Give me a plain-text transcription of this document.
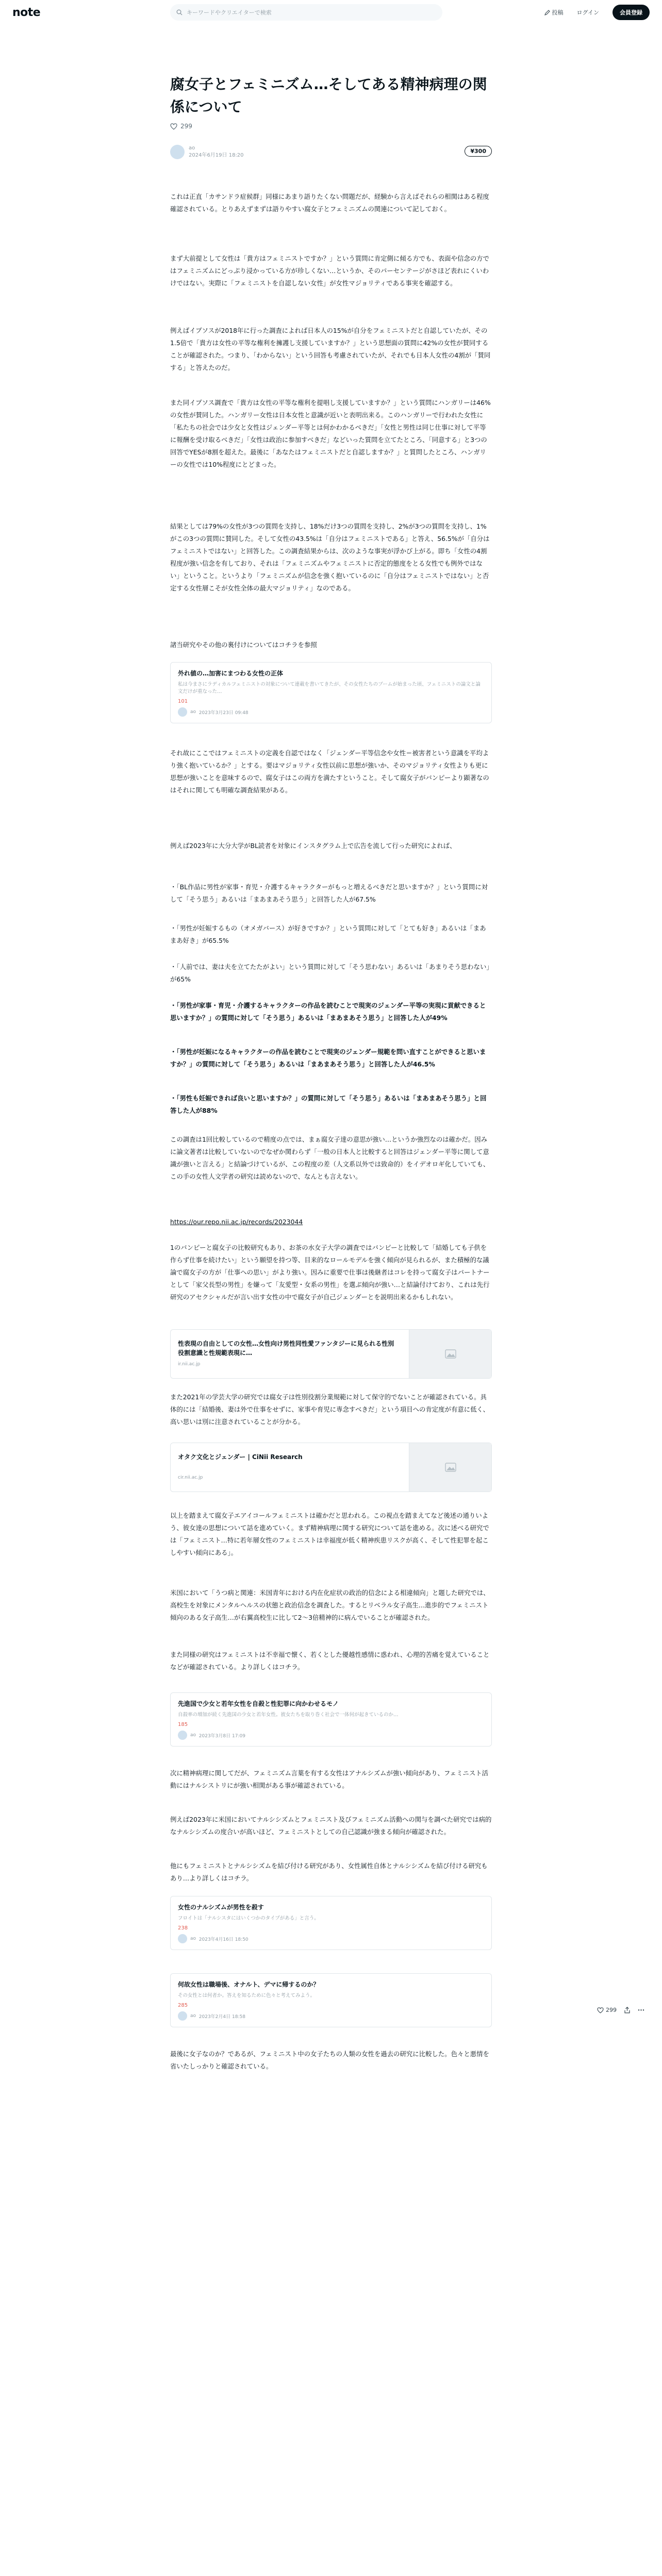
note	キーワードやクリエイターで検索	投稿	ログイン	会員登録
腐女子とフェミニズム…そしてある精神病理の関係について
299
ao
2024年6月19日 18:20
¥300

これは正直「カサンドラ症候群」同様にあまり語りたくない問題だが、経験から言えばそれらの相関はある程度確認されている。とりあえずまずは語りやすい腐女子とフェミニズムの関連について記しておく。

まず大前提として女性は「貴方はフェミニストですか？」という質問に肯定側に傾る方でも、表面や信念の方ではフェミニズムにどっぷり浸かっている方が珍しくない…というか、そのパーセンテージがさほど表れにくいわけではない。実際に「フェミニストを自認しない女性」が女性マジョリティである事実を確認する。

例えばイプソスが2018年に行った調査によれば日本人の15%が自分をフェミニストだと自認していたが、その1.5倍で「貴方は女性の平等な権利を擁護し支援していますか？」という思想面の質問に42%の女性が賛同することが確認された。つまり、「わからない」という回答も考慮されていたが、それでも日本人女性の4割が「賛同する」と答えたのだ。

また同イプソス調査で「貴方は女性の平等な権利を提唱し支援していますか？」という質問にハンガリーは46%の女性が賛同した。ハンガリー女性は日本女性と意識が近いと表明出来る。このハンガリーで行われた女性に「私たちの社会では少女と女性はジェンダー平等とは何かわかるべきだ」「女性と男性は同じ仕事に対して平等に報酬を受け取るべきだ」「女性は政治に参加すべきだ」などいった質問を立てたところ、「同意する」と3つの回答でYESが8割を超えた。最後に「あなたはフェミニストだと自認しますか？」と質問したところ、ハンガリーの女性では10%程度にとどまった。

結果としては79%の女性が3つの質問を支持し、18%だけ3つの質問を支持し、2%が3つの質問を支持し、1%がこの3つの質問に賛同した。そして女性の43.5%は「自分はフェミニストである」と答え、56.5%が「自分はフェミニストではない」と回答した。この調査結果からは、次のような事実が浮かび上がる。即ち「女性の4割程度が強い信念を有しており、それは「フェミニズムやフェミニストに否定的態度をとる女性でも例外ではない」ということ。というより「フェミニズムが信念を強く抱いているのに「自分はフェミニストではない」と否定する女性層こそが女性全体の最大マジョリティ」なのである。

諸当研究やその他の裏付けについてはコチラを参照

外れ値の…加害にまつわる女性の正体
私は今まさにラディカルフェミニストの対象について連載を書いてきたが、その女性たちのブームが始まった頃、フェミニストの論文と論文だけが重なった…
101
ao
2023年3月23日 09:48

それ故にここではフェミニストの定義を自認ではなく「ジェンダー平等信念や女性＝被害者という意識を平均より強く抱いているか？」とする。要はマジョリティ女性以前に思想が強いか、そのマジョリティ女性よりも更に思想が強いことを意味するので、腐女子はこの両方を満たすということ。そして腐女子がバンピーより顕著なのはそれに関しても明確な調査結果がある。

例えば2023年に大分大学がBL読者を対象にインスタグラム上で広告を流して行った研究によれば、

・「BL作品に男性が家事・育児・介護するキャラクターがもっと増えるべきだと思いますか？」という質問に対して「そう思う」あるいは「まあまあそう思う」と回答した人が67.5%

・「男性が妊娠するもの（オメガバース）が好きですか？」という質問に対して「とても好き」あるいは「まあまあ好き」が65.5%

・「人前では、妻は夫を立てたたがよい」という質問に対して「そう思わない」あるいは「あまりそう思わない」が65%

・「男性が家事・育児・介護するキャラクターの作品を読むことで現実のジェンダー平等の実現に貢献できると思いますか？」の質問に対して「そう思う」あるいは「まあまあそう思う」と回答した人が49%

・「男性が妊娠になるキャラクターの作品を読むことで現実のジェンダー規範を問い直すことができると思いますか？」の質問に対して「そう思う」あるいは「まあまあそう思う」と回答した人が46.5%

・「男性も妊娠できれば良いと思いますか？」の質問に対して「そう思う」あるいは「まあまあそう思う」と回答した人が88%

この調査は1回比較しているので精度の点では、まぁ腐女子達の意思が強い…というか強烈なのは確かだ。因みに論文著者は比較していないのでなぜか関わらず「一般の日本人と比較すると回答はジェンダー平等に関して意識が強いと言える」と結論づけているが、この程度の差（人文系以外では致命的）をイデオロギ化していても、この手の女性人文学者の研究は読めないので、なんとも言えない。

https://our.repo.nii.ac.jp/records/2023044

1のバンピーと腐女子の比較研究もあり、お茶の水女子大学の調査ではバンピーと比較して「結婚しても子供を作らず仕事を続けたい」という願望を持つ等、目来的なロールモデルを強く傾向が見られるが、また積極的な議論で腐女子の方が「仕事への思い」がより強い。因みに重要で仕事は後継者はコレを持って腐女子はパートナーとして「家父長型の男性」を嫌って「友愛型・女系の男性」を選ぶ傾向が強い…と結論付けており、これは先行研究のアセクシャルだが言い出す女性の中で腐女子が自己ジェンダーとを説明出来るかもしれない。

性表現の自由としての女性…女性向け男性同性愛ファンタジーに見られる性別役割意識と性規範表現に…
ir.nii.ac.jp

また2021年の学芸大学の研究では腐女子は性別役割分業規範に対して保守的でないことが確認されている。具体的には「結婚後、妻は外で仕事をせずに、家事や育児に専念すべきだ」という項目への肯定度が有意に低く、高い思いは別に注意されていることが分かる。

オタク文化とジェンダー | CiNii Research
cir.nii.ac.jp

以上を踏まえて腐女子エアイコールフェミニストは確かだと思われる。この視点を踏まえてなど後述の通りいよう、彼女達の思想について話を進めていく。まず精神病理に関する研究について話を進める。次に述べる研究では「フェミニスト…特に若年層女性のフェミニストは幸福度が低く精神疾患リスクが高く、そして性犯罪を起こしやすい傾向にある」。

米国において「うつ病と関連：米国青年における内在化症状の政治的信念による相違傾向」と題した研究では、高校生を対象にメンタルヘルスの状態と政治信念を調査した。するとリベラル女子高生…進歩的でフェミニスト傾向のある女子高生…が右翼高校生に比して2〜3倍精神的に病んでいることが確認された。

また同様の研究はフェミニストは不幸福で懐く、若くとした優越性感情に惑われ、心理的苦痛を覚えていることなどが確認されている。より詳しくはコチラ。

先進国で少女と若年女性を自殺と性犯罪に向かわせるモノ
自殺率の増加が続く先進国の少女と若年女性。彼女たちを取り巻く社会で一体何が起きているのか…
185
ao
2023年3月8日 17:09

次に精神病理に関してだが、フェミニズム言葉を有する女性はアナルシズムが強い傾向があり、フェミニスト活動にはナルシストリにが強い相関がある事が確認されている。

例えば2023年に米国においてナルシシズムとフェミニスト及びフェミニズム活動への関与を調べた研究では病的なナルシシズムの度合いが高いほど、フェミニストとしての自己認識が強まる傾向が確認された。

他にもフェミニストとナルシシズムを結び付ける研究があり、女性属性自体とナルシシズムを結び付ける研究もあり…より詳しくはコチラ。

女性のナルシズムが男性を殺す
フロイトは「ナルシスタにはいくつかのタイプがある」と言う。
238
ao
2023年4月16日 18:50
何故女性は職場後、オナルト、デマに帰するのか？
その女性とは何者か。答えを知るために色々と考えてみよう。
285
ao
2023年2月4日 18:58

最後に女子なのか？であるが、フェミニスト中の女子たちの人類の女性を過去の研究に比較した。色々と悪情を省いたしっかりと確認されている。

299
